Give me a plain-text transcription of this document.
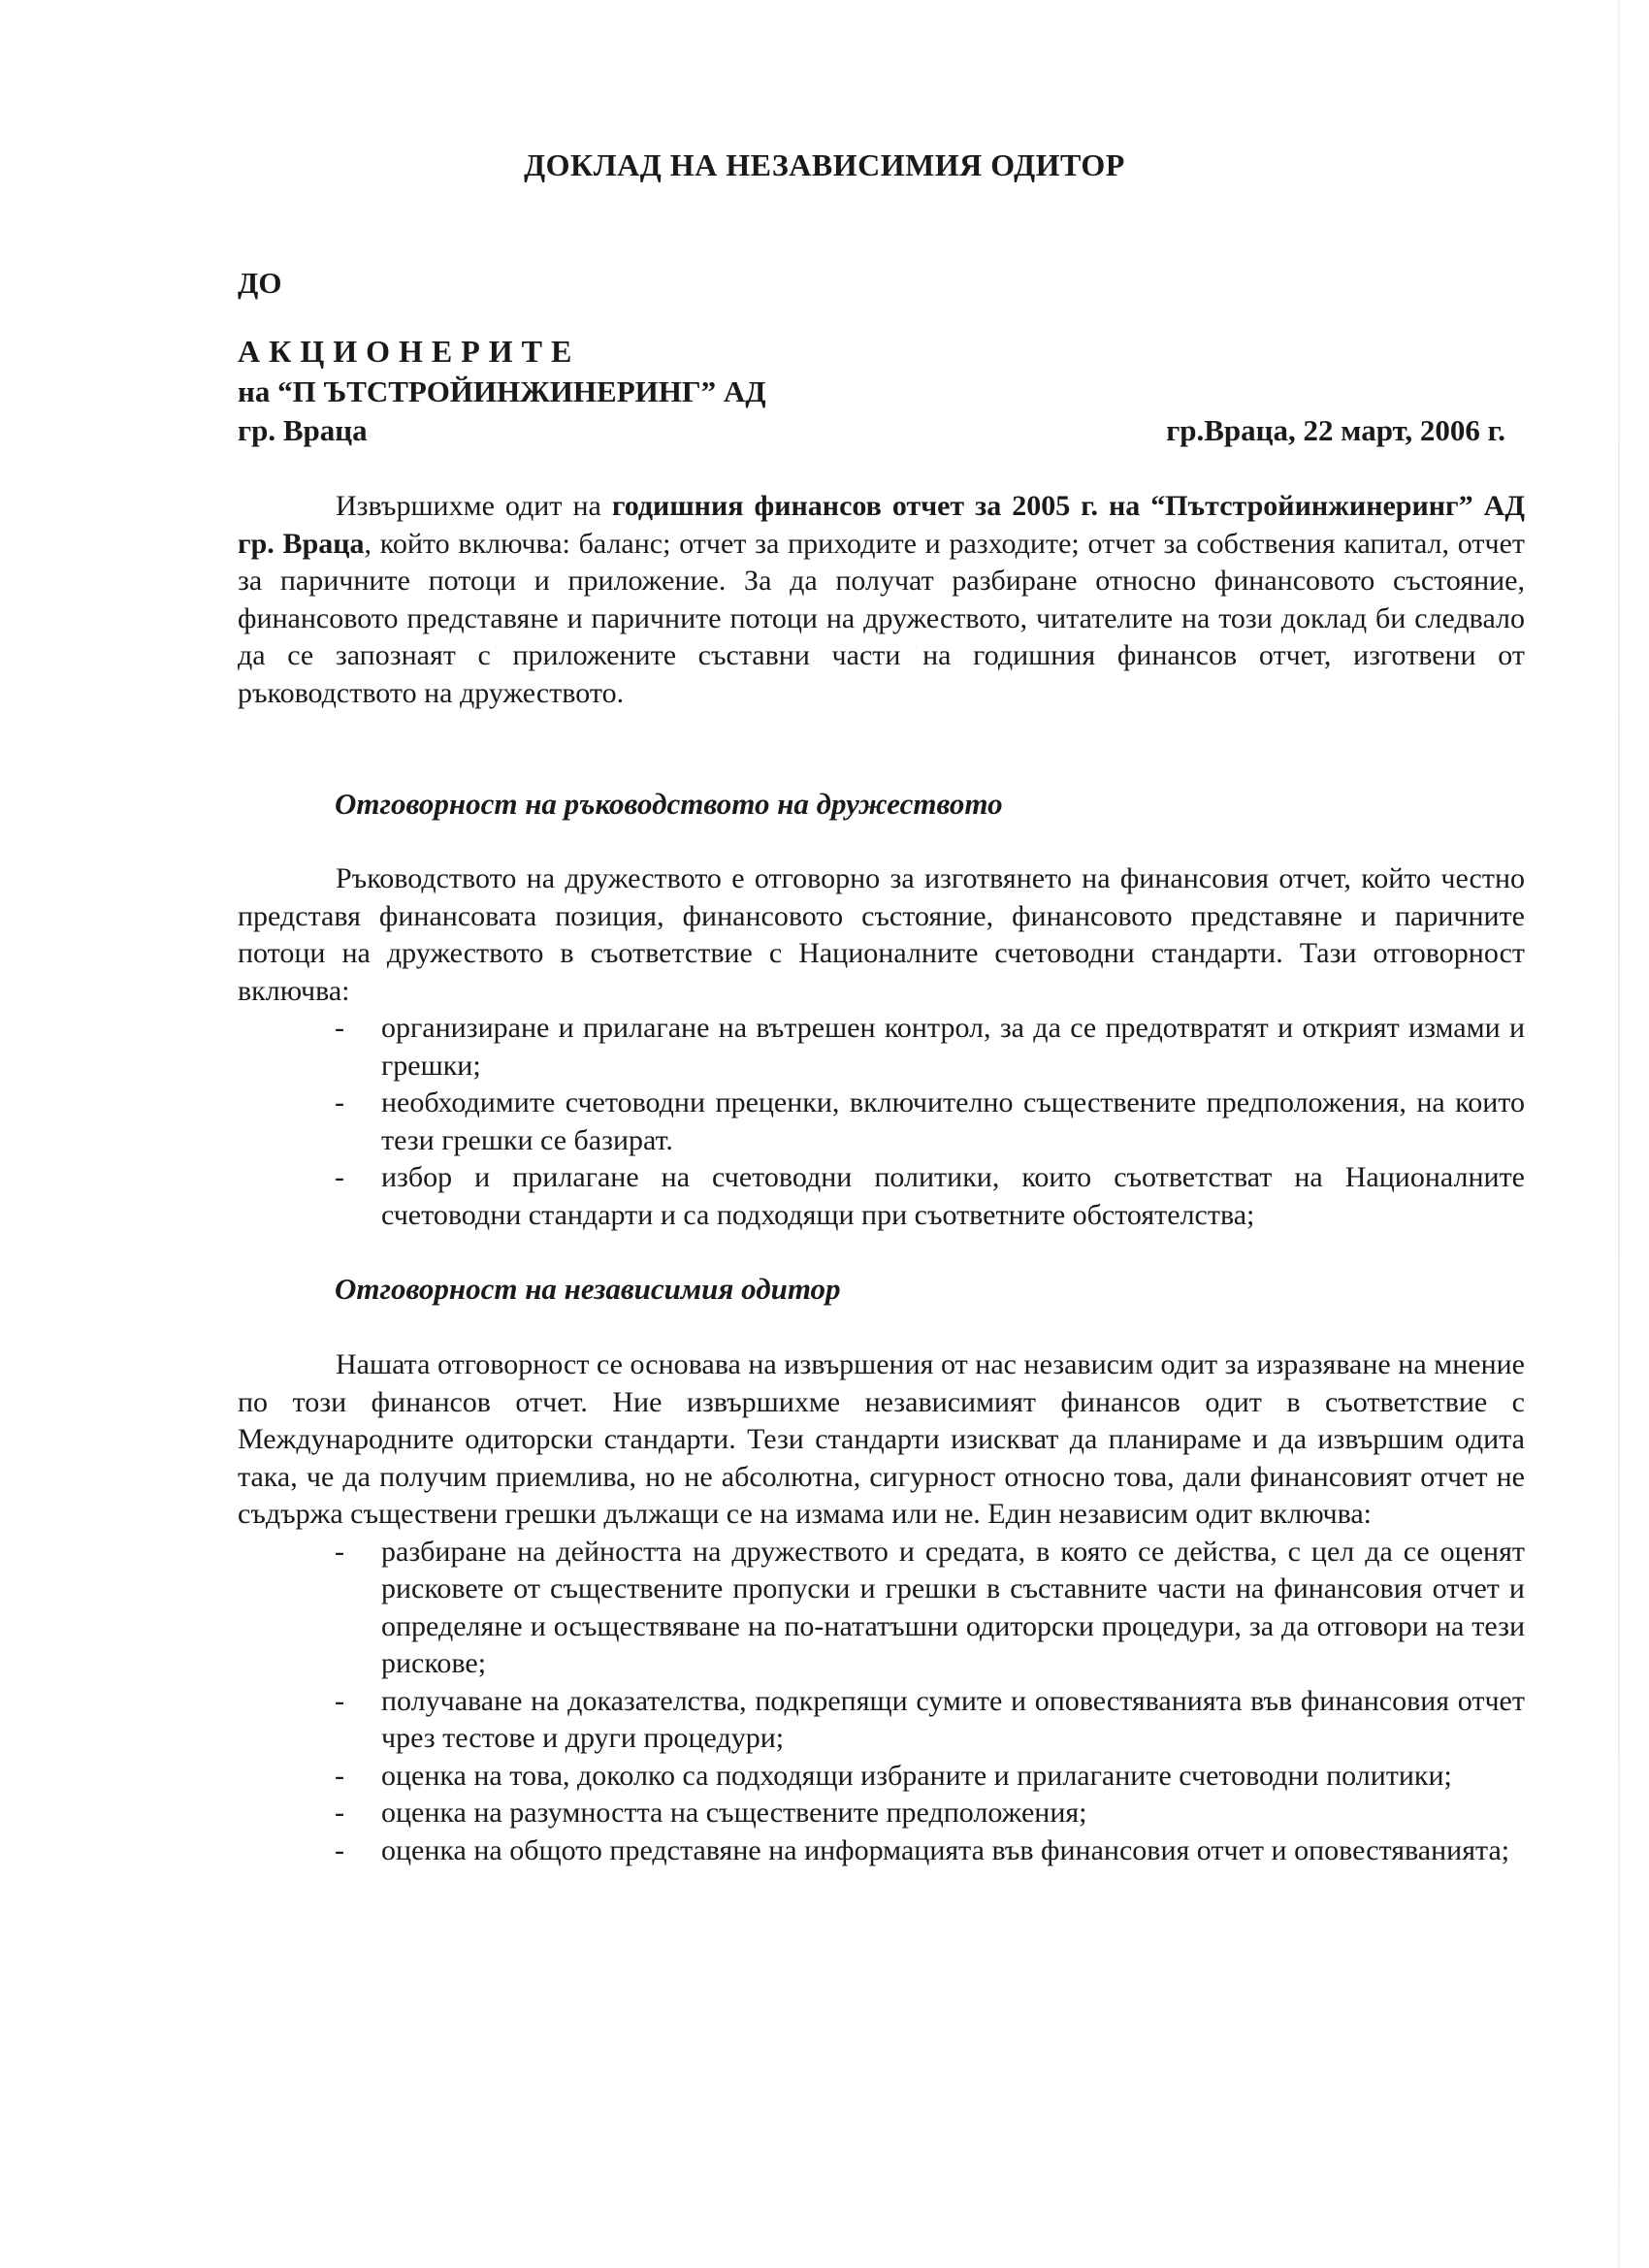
ДОКЛАД НА НЕЗАВИСИМИЯ ОДИТОР
ДО
АКЦИОНЕРИТЕ
на “П ЪТСТРОЙИНЖИНЕРИНГ” АД
гр. Враца	гр.Враца, 22 март, 2006 г.
Извършихме одит на годишния финансов отчет за 2005 г. на “Пътстройинжинеринг” АД гр. Враца, който включва: баланс; отчет за приходите и разходите; отчет за собствения капитал, отчет за паричните потоци и приложение. За да получат разбиране относно финансовото състояние, финансовото представяне и паричните потоци на дружеството, читателите на този доклад би следвало да се запознаят с приложените съставни части на годишния финансов отчет, изготвени от ръководството на дружеството.
Отговорност на ръководството на дружеството

Ръководството на дружеството е отговорно за изготвянето на финансовия отчет, който честно представя финансовата позиция, финансовото състояние, финансовото представяне и паричните потоци на дружеството в съответствие с Националните счетоводни стандарти. Тази отговорност включва:

- организиране и прилагане на вътрешен контрол, за да се предотвратят и открият измами и грешки;
- необходимите счетоводни преценки, включително съществените предположения, на които тези грешки се базират.
- избор и прилагане на счетоводни политики, които съответстват на Националните счетоводни стандарти и са подходящи при съответните обстоятелства;
Отговорност на независимия одитор

Нашата отговорност се основава на извършения от нас независим одит за изразяване на мнение по този финансов отчет. Ние извършихме независимият финансов одит в съответствие с Международните одиторски стандарти. Тези стандарти изискват да планираме и да извършим одита така, че да получим приемлива, но не абсолютна, сигурност относно това, дали финансовият отчет не съдържа съществени грешки дължащи се на измама или не. Един независим одит включва:

- разбиране на дейността на дружеството и средата, в която се действа, с цел да се оценят рисковете от съществените пропуски и грешки в съставните части на финансовия отчет и определяне и осъществяване на по-нататъшни одиторски процедури, за да отговори на тези рискове;
- получаване на доказателства, подкрепящи сумите и оповестяванията във финансовия отчет чрез тестове и други процедури;
- оценка на това, доколко са подходящи избраните и прилаганите счетоводни политики;
- оценка на разумността на съществените предположения;
- оценка на общото представяне на информацията във финансовия отчет и оповестяванията;
